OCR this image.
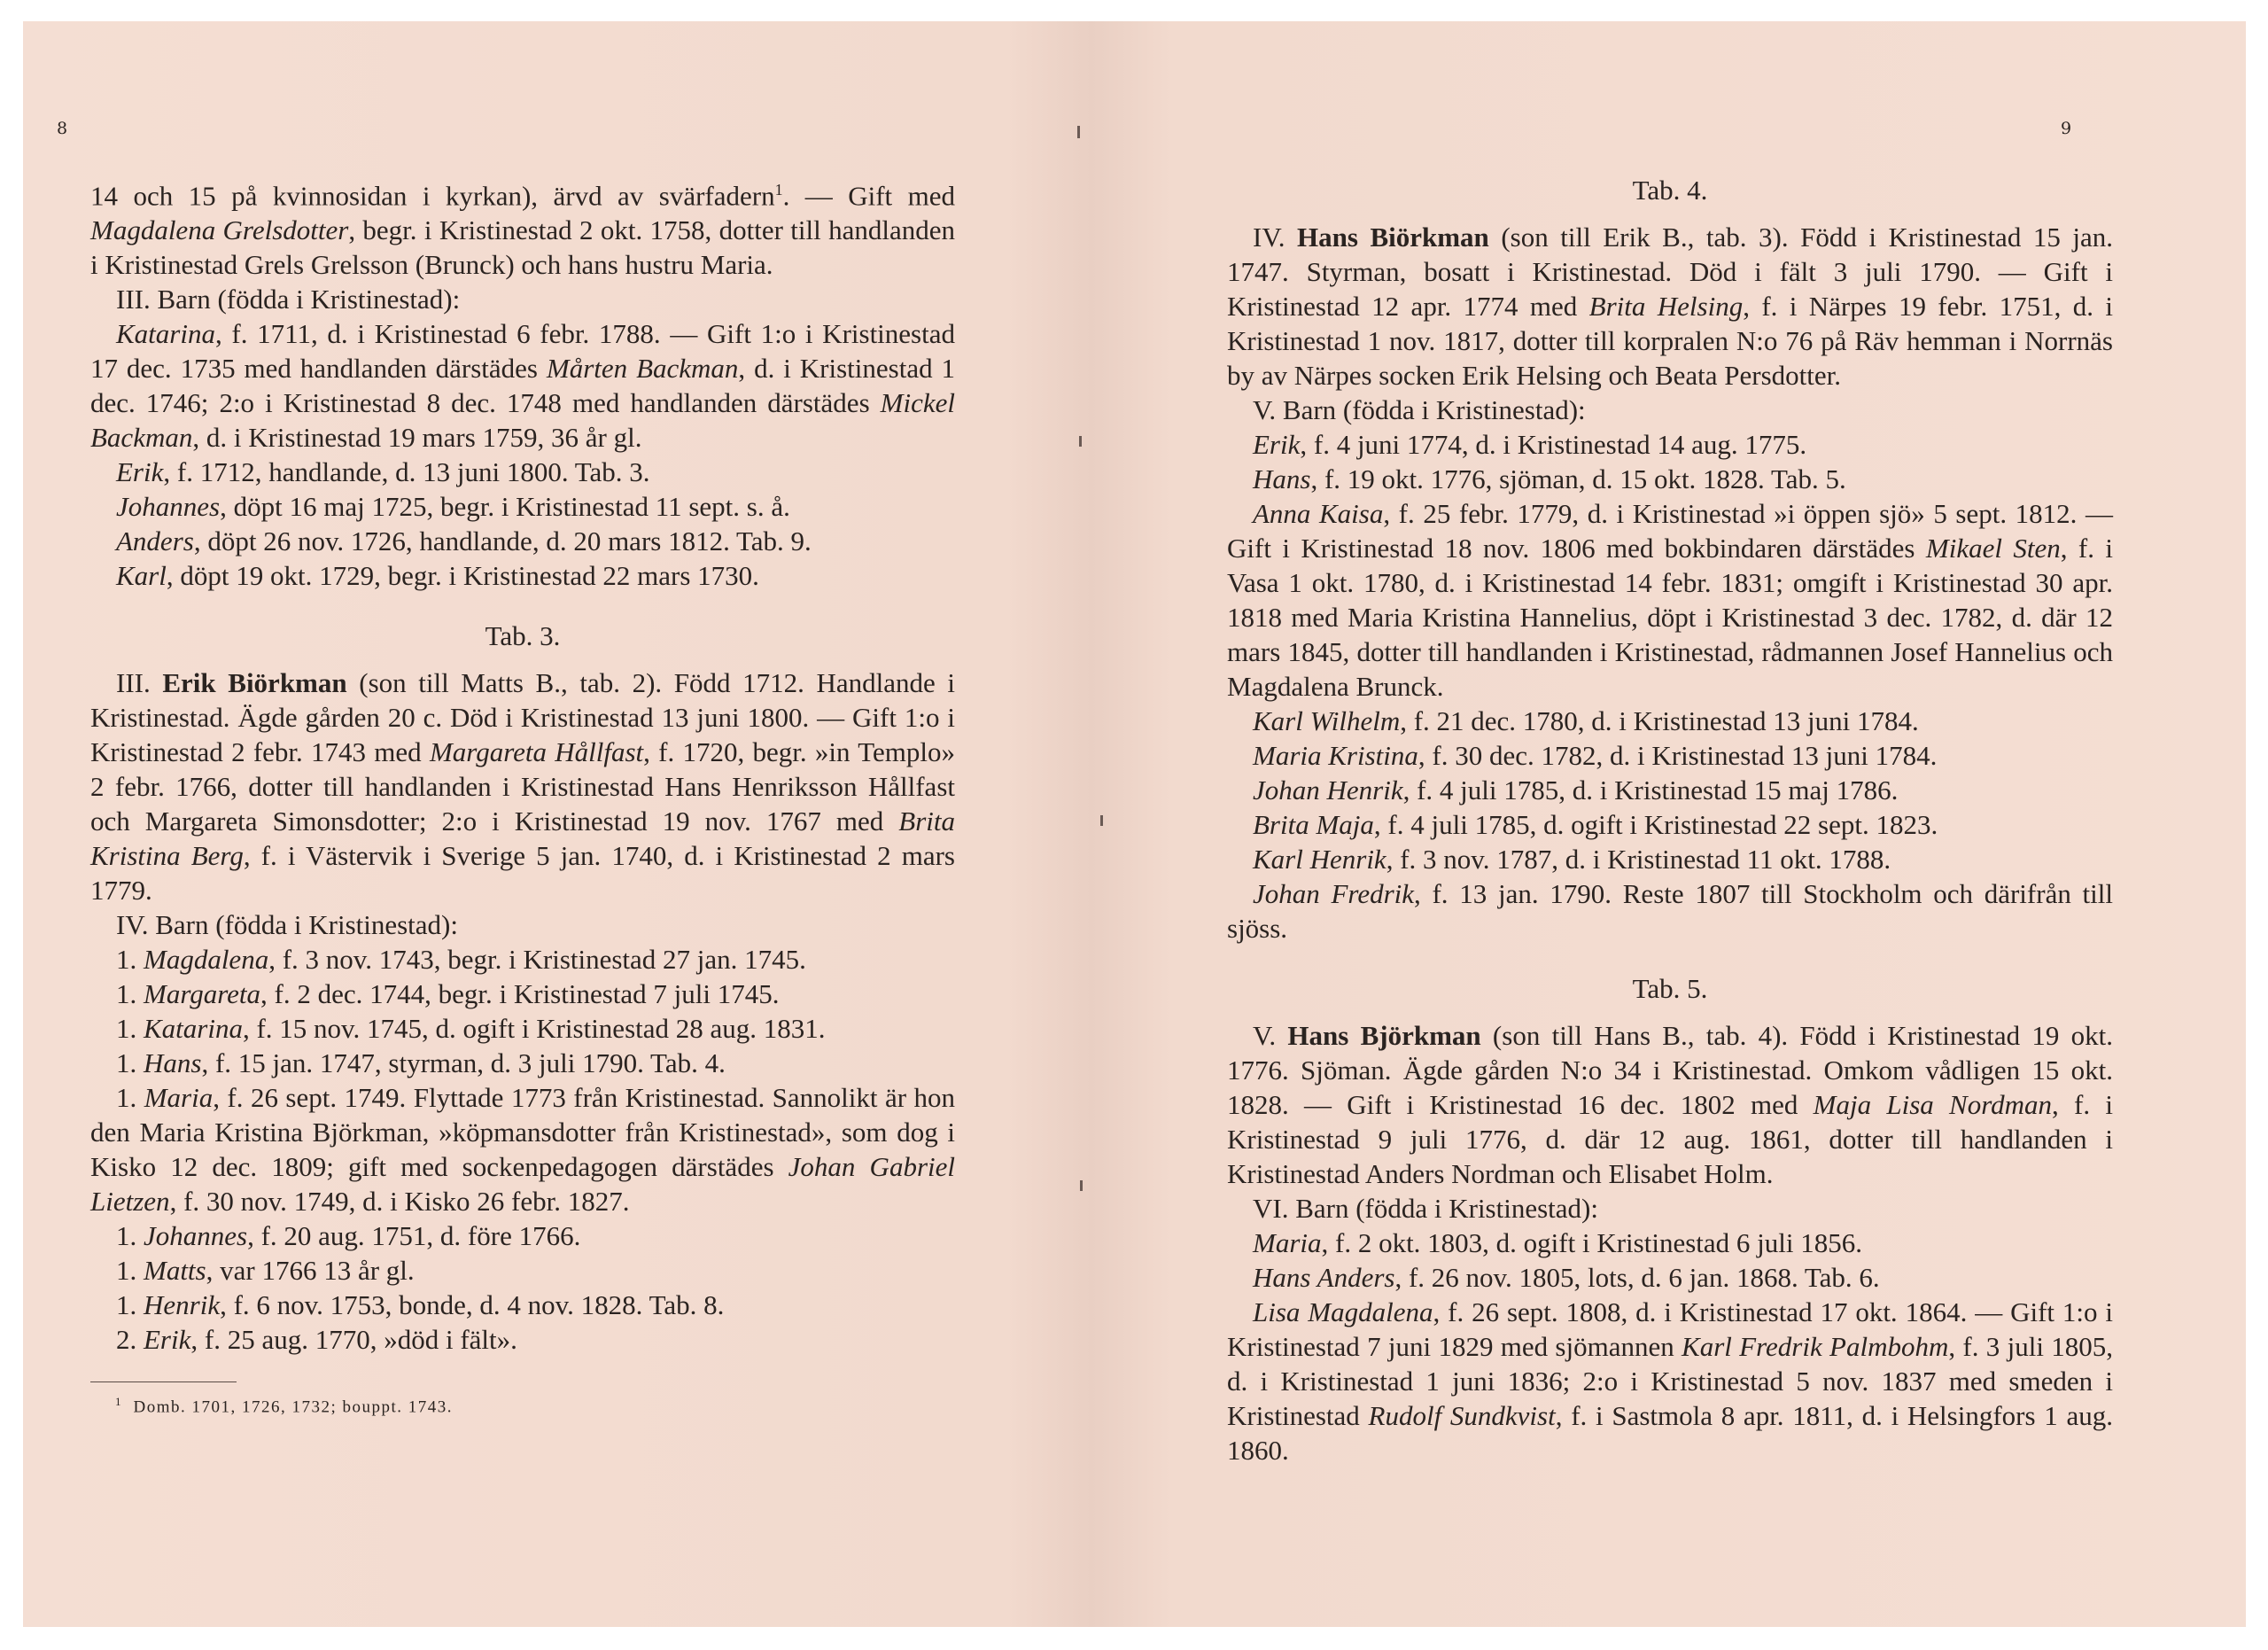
8

14 och 15 på kvinnosidan i kyrkan), ärvd av svärfadern$^1$. — Gift med Magdalena Grelsdotter, begr. i Kristinestad 2 okt. 1758, dotter till handlanden i Kristinestad Grels Grelsson (Brunck) och hans hustru Maria.

III. Barn (födda i Kristinestad):

Katarina, f. 1711, d. i Kristinestad 6 febr. 1788. — Gift 1:o i Kristinestad 17 dec. 1735 med handlanden därstädes Mårten Backman, d. i Kristinestad 1 dec. 1746; 2:o i Kristinestad 8 dec. 1748 med handlanden därstädes Mickel Backman, d. i Kristinestad 19 mars 1759, 36 år gl.

Erik, f. 1712, handlande, d. 13 juni 1800. Tab. 3.

Johannes, döpt 16 maj 1725, begr. i Kristinestad 11 sept. s. å.

Anders, döpt 26 nov. 1726, handlande, d. 20 mars 1812. Tab. 9.

Karl, döpt 19 okt. 1729, begr. i Kristinestad 22 mars 1730.

Tab. 3.

III. Erik Biörkman (son till Matts B., tab. 2). Född 1712. Handlande i Kristinestad. Ägde gården 20 c. Död i Kristinestad 13 juni 1800. — Gift 1:o i Kristinestad 2 febr. 1743 med Margareta Hållfast, f. 1720, begr. »in Templo» 2 febr. 1766, dotter till handlanden i Kristinestad Hans Henriksson Hållfast och Margareta Simonsdotter; 2:o i Kristinestad 19 nov. 1767 med Brita Kristina Berg, f. i Västervik i Sverige 5 jan. 1740, d. i Kristinestad 2 mars 1779.

IV. Barn (födda i Kristinestad):

1. Magdalena, f. 3 nov. 1743, begr. i Kristinestad 27 jan. 1745.

1. Margareta, f. 2 dec. 1744, begr. i Kristinestad 7 juli 1745.

1. Katarina, f. 15 nov. 1745, d. ogift i Kristinestad 28 aug. 1831.

1. Hans, f. 15 jan. 1747, styrman, d. 3 juli 1790. Tab. 4.

1. Maria, f. 26 sept. 1749. Flyttade 1773 från Kristinestad. Sannolikt är hon den Maria Kristina Björkman, »köpmansdotter från Kristinestad», som dog i Kisko 12 dec. 1809; gift med sockenpedagogen därstädes Johan Gabriel Lietzen, f. 30 nov. 1749, d. i Kisko 26 febr. 1827.

1. Johannes, f. 20 aug. 1751, d. före 1766.

1. Matts, var 1766 13 år gl.

1. Henrik, f. 6 nov. 1753, bonde, d. 4 nov. 1828. Tab. 8.

2. Erik, f. 25 aug. 1770, »död i fält».

$^1$ Domb. 1701, 1726, 1732; bouppt. 1743.

9

Tab. 4.

IV. Hans Biörkman (son till Erik B., tab. 3). Född i Kristinestad 15 jan. 1747. Styrman, bosatt i Kristinestad. Död i fält 3 juli 1790. — Gift i Kristinestad 12 apr. 1774 med Brita Helsing, f. i Närpes 19 febr. 1751, d. i Kristinestad 1 nov. 1817, dotter till korpralen N:o 76 på Räv hemman i Norrnäs by av Närpes socken Erik Helsing och Beata Persdotter.

V. Barn (födda i Kristinestad):

Erik, f. 4 juni 1774, d. i Kristinestad 14 aug. 1775.

Hans, f. 19 okt. 1776, sjöman, d. 15 okt. 1828. Tab. 5.

Anna Kaisa, f. 25 febr. 1779, d. i Kristinestad »i öppen sjö» 5 sept. 1812. — Gift i Kristinestad 18 nov. 1806 med bokbindaren därstädes Mikael Sten, f. i Vasa 1 okt. 1780, d. i Kristinestad 14 febr. 1831; omgift i Kristinestad 30 apr. 1818 med Maria Kristina Hannelius, döpt i Kristinestad 3 dec. 1782, d. där 12 mars 1845, dotter till handlanden i Kristinestad, rådmannen Josef Hannelius och Magdalena Brunck.

Karl Wilhelm, f. 21 dec. 1780, d. i Kristinestad 13 juni 1784.

Maria Kristina, f. 30 dec. 1782, d. i Kristinestad 13 juni 1784.

Johan Henrik, f. 4 juli 1785, d. i Kristinestad 15 maj 1786.

Brita Maja, f. 4 juli 1785, d. ogift i Kristinestad 22 sept. 1823.

Karl Henrik, f. 3 nov. 1787, d. i Kristinestad 11 okt. 1788.

Johan Fredrik, f. 13 jan. 1790. Reste 1807 till Stockholm och därifrån till sjöss.

Tab. 5.

V. Hans Björkman (son till Hans B., tab. 4). Född i Kristinestad 19 okt. 1776. Sjöman. Ägde gården N:o 34 i Kristinestad. Omkom vådligen 15 okt. 1828. — Gift i Kristinestad 16 dec. 1802 med Maja Lisa Nordman, f. i Kristinestad 9 juli 1776, d. där 12 aug. 1861, dotter till handlanden i Kristinestad Anders Nordman och Elisabet Holm.

VI. Barn (födda i Kristinestad):

Maria, f. 2 okt. 1803, d. ogift i Kristinestad 6 juli 1856.

Hans Anders, f. 26 nov. 1805, lots, d. 6 jan. 1868. Tab. 6.

Lisa Magdalena, f. 26 sept. 1808, d. i Kristinestad 17 okt. 1864. — Gift 1:o i Kristinestad 7 juni 1829 med sjömannen Karl Fredrik Palmbohm, f. 3 juli 1805, d. i Kristinestad 1 juni 1836; 2:o i Kristinestad 5 nov. 1837 med smeden i Kristinestad Rudolf Sundkvist, f. i Sastmola 8 apr. 1811, d. i Helsingfors 1 aug. 1860.
